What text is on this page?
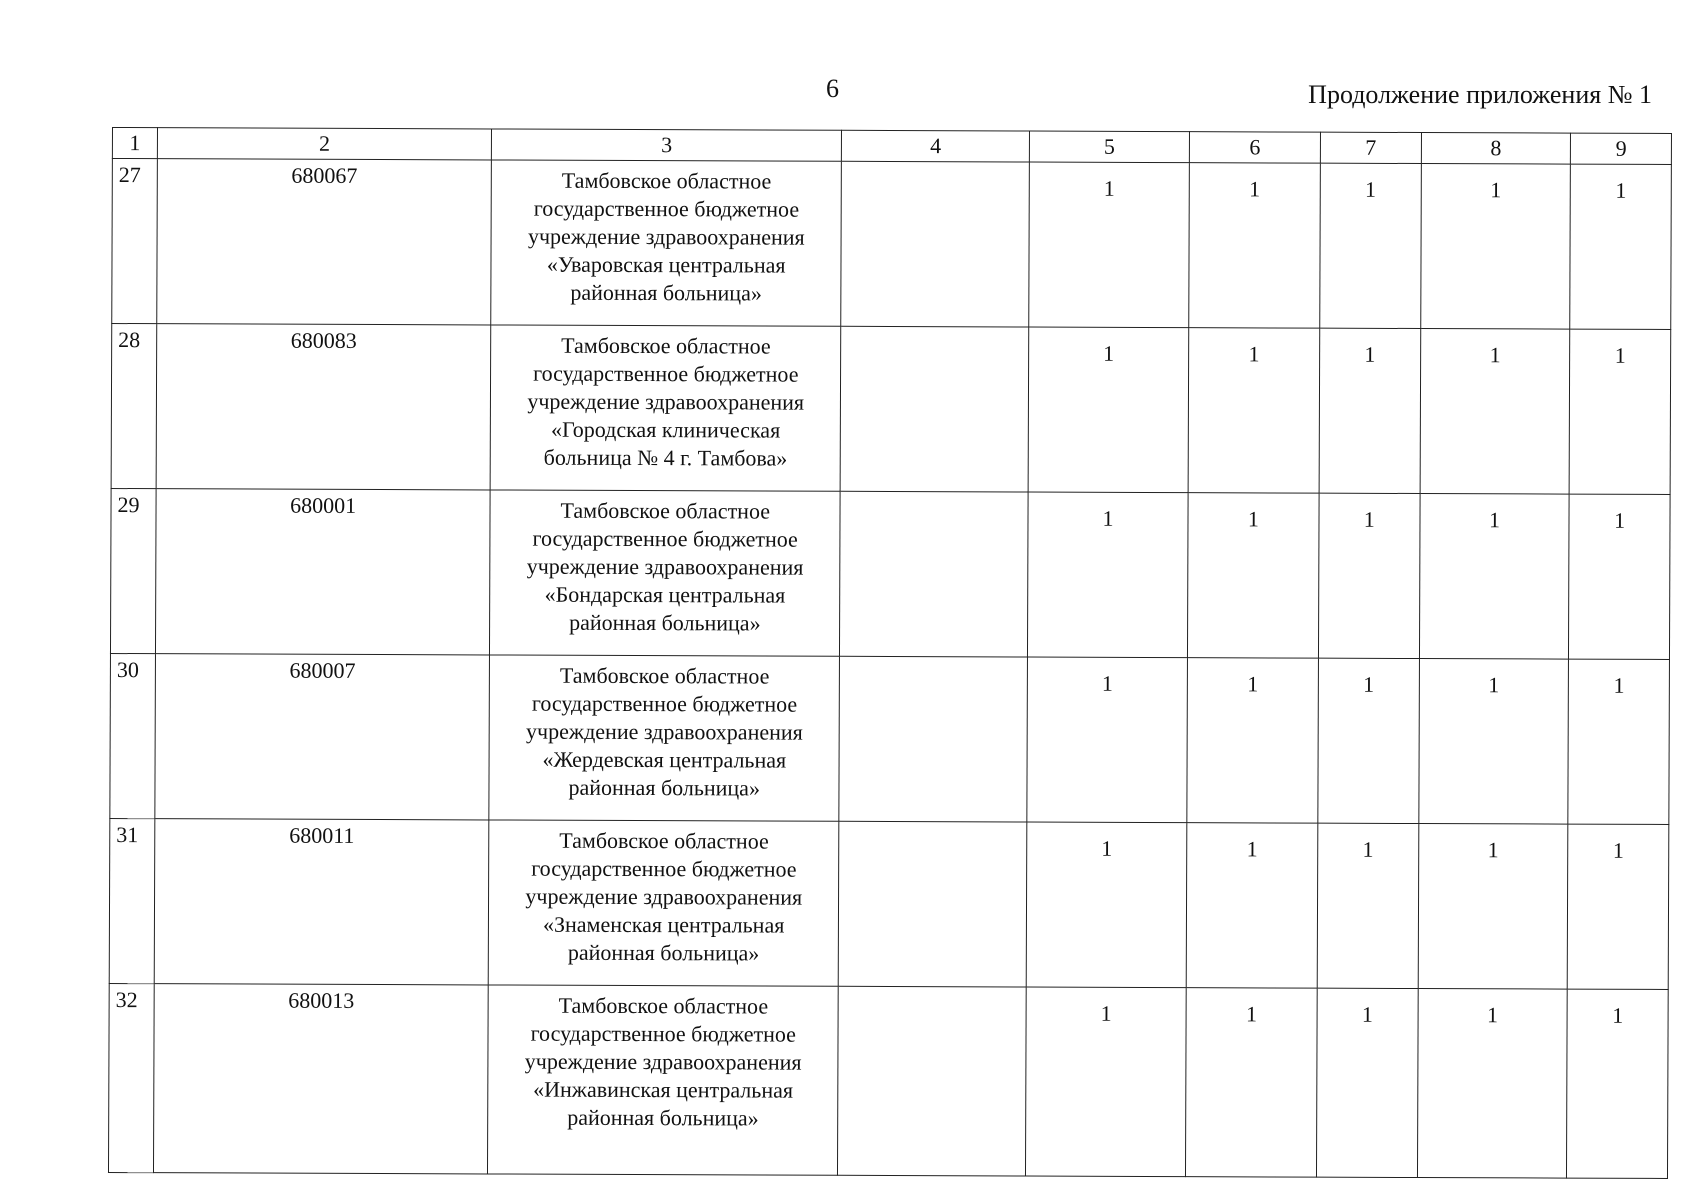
6	Продолжение приложения № 1
1	2	3	4	5	6	7	8	9
27	680067	Тамбовское областное
государственное бюджетное
учреждение здравоохранения
«Уваровская центральная
районная больница»		1	1	1	1	1
28	680083	Тамбовское областное
государственное бюджетное
учреждение здравоохранения
«Городская клиническая
больница № 4 г. Тамбова»		1	1	1	1	1
29	680001	Тамбовское областное
государственное бюджетное
учреждение здравоохранения
«Бондарская центральная
районная больница»		1	1	1	1	1
30	680007	Тамбовское областное
государственное бюджетное
учреждение здравоохранения
«Жердевская центральная
районная больница»		1	1	1	1	1
31	680011	Тамбовское областное
государственное бюджетное
учреждение здравоохранения
«Знаменская центральная
районная больница»		1	1	1	1	1
32	680013	Тамбовское областное
государственное бюджетное
учреждение здравоохранения
«Инжавинская центральная
районная больница»		1	1	1	1	1
